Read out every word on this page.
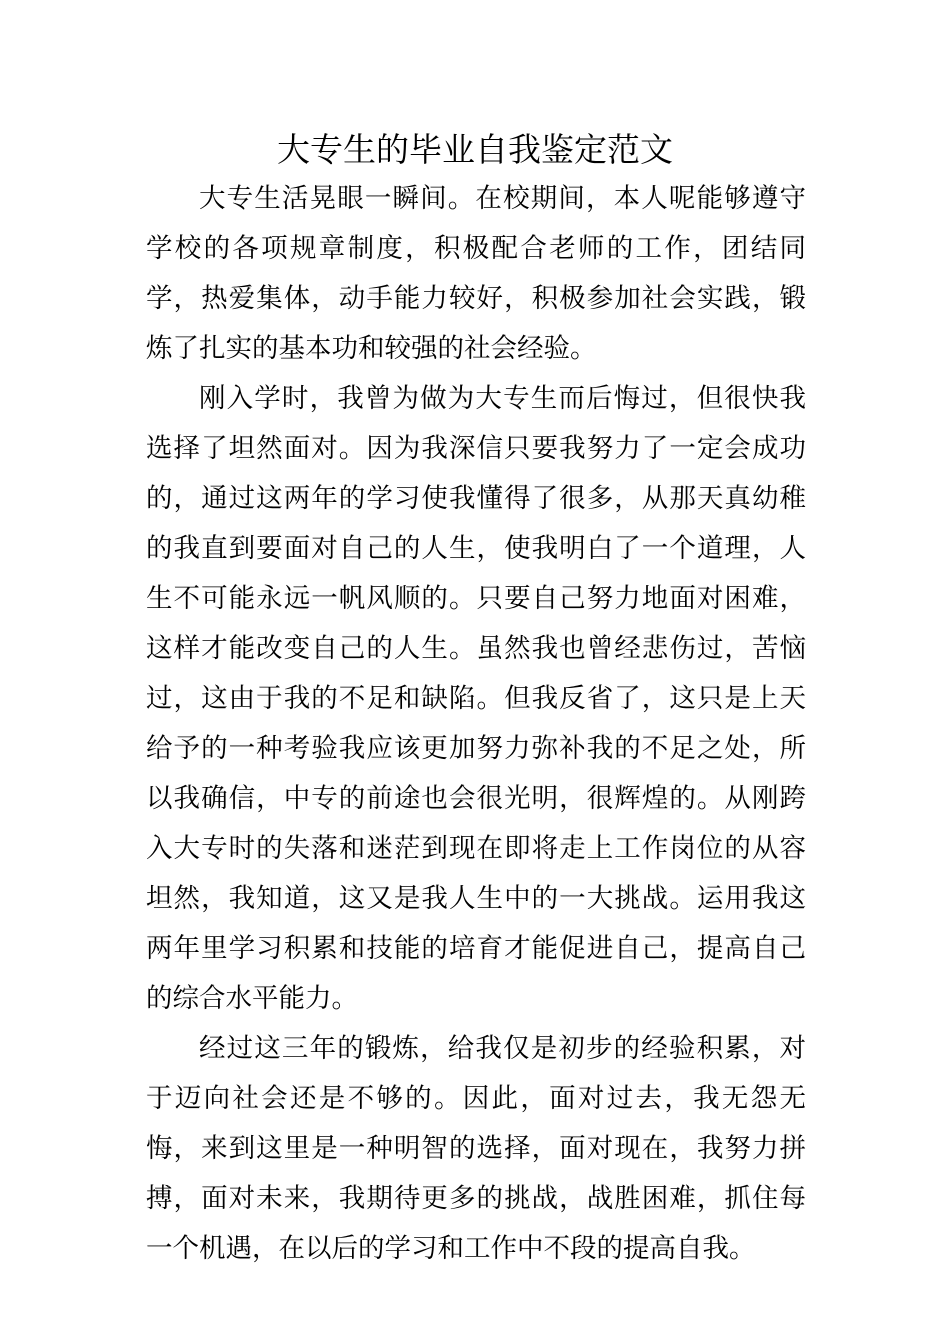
大专生的毕业自我鉴定范文

大专生活晃眼一瞬间。在校期间，本人呢能够遵守学校的各项规章制度，积极配合老师的工作，团结同学，热爱集体，动手能力较好，积极参加社会实践，锻炼了扎实的基本功和较强的社会经验。

刚入学时，我曾为做为大专生而后悔过，但很快我选择了坦然面对。因为我深信只要我努力了一定会成功的，通过这两年的学习使我懂得了很多，从那天真幼稚的我直到要面对自己的人生，使我明白了一个道理，人生不可能永远一帆风顺的。只要自己努力地面对困难，这样才能改变自己的人生。虽然我也曾经悲伤过，苦恼过，这由于我的不足和缺陷。但我反省了，这只是上天给予的一种考验我应该更加努力弥补我的不足之处，所以我确信，中专的前途也会很光明，很辉煌的。从刚跨入大专时的失落和迷茫到现在即将走上工作岗位的从容坦然，我知道，这又是我人生中的一大挑战。运用我这两年里学习积累和技能的培育才能促进自己，提高自己的综合水平能力。

经过这三年的锻炼，给我仅是初步的经验积累，对于迈向社会还是不够的。因此，面对过去，我无怨无悔，来到这里是一种明智的选择，面对现在，我努力拼搏，面对未来，我期待更多的挑战，战胜困难，抓住每一个机遇，在以后的学习和工作中不段的提高自我。
